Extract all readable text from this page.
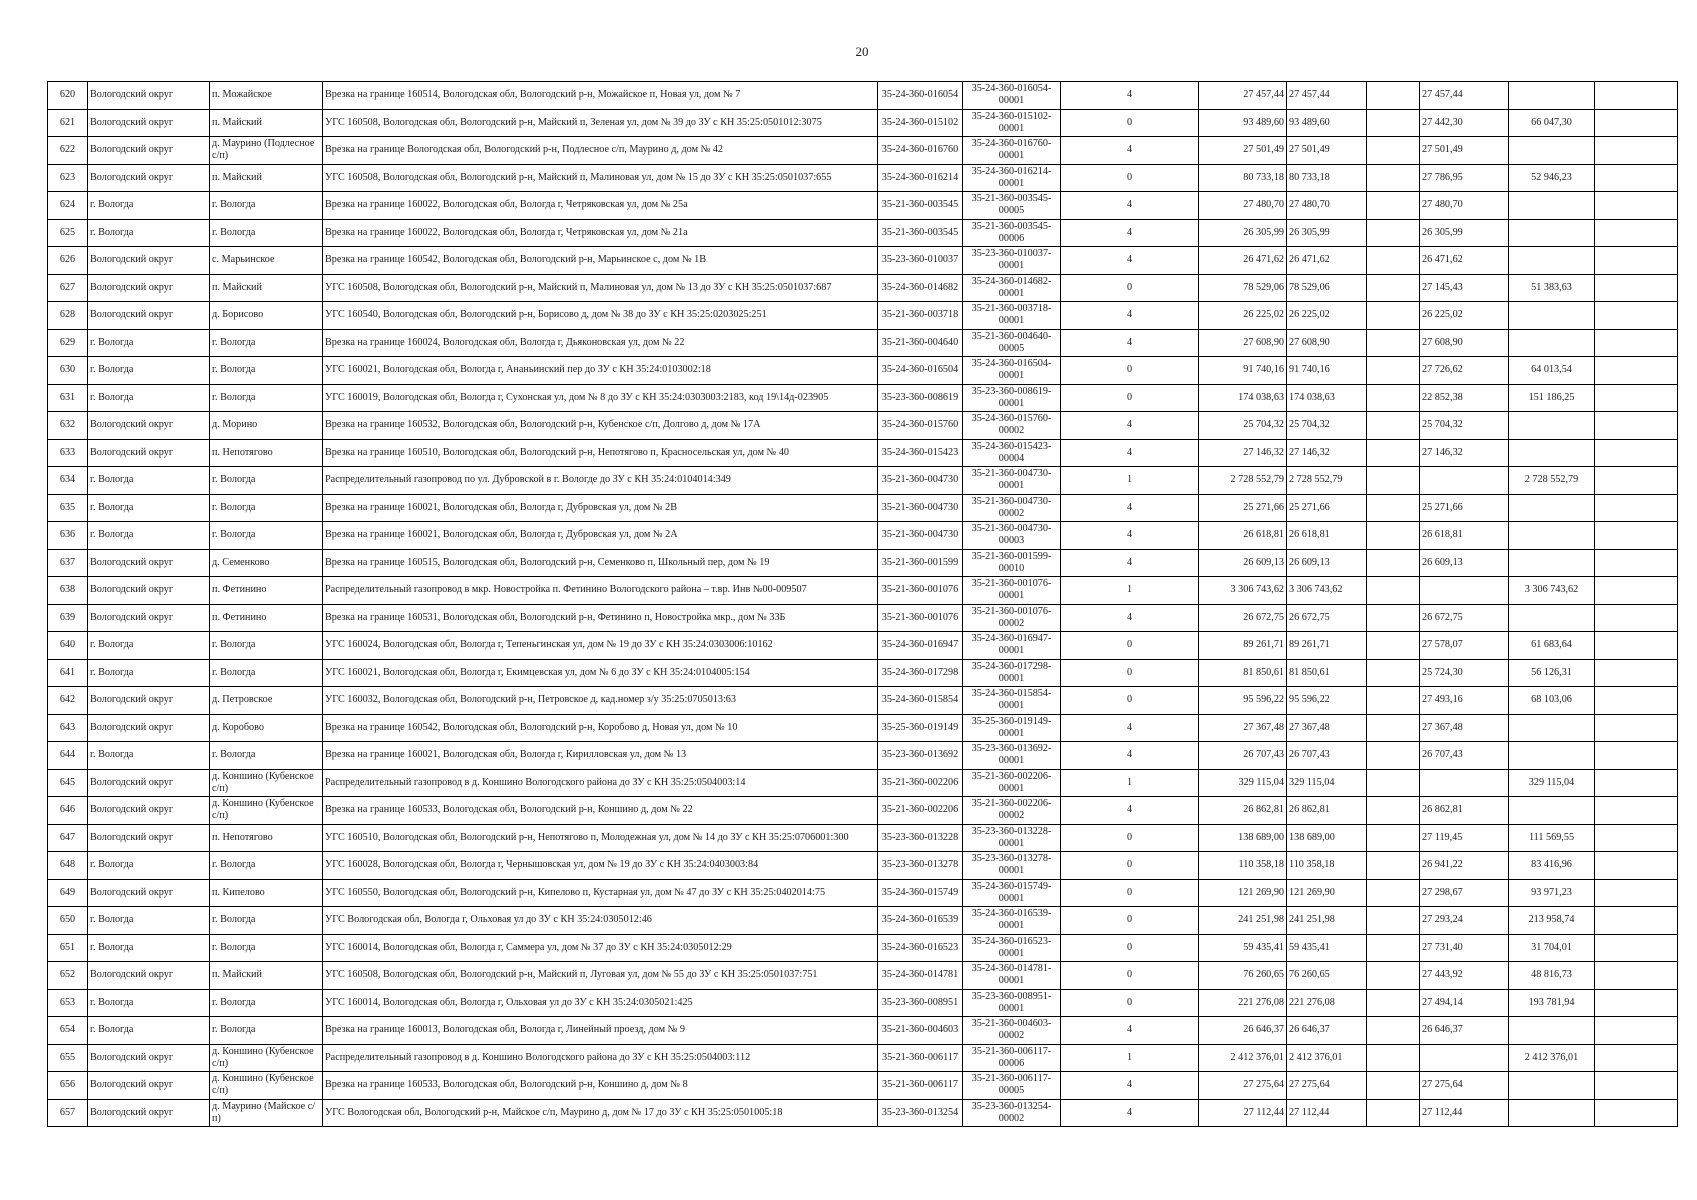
20
620	Вологодский округ	п. Можайское	Врезка на границе 160514, Вологодская обл, Вологодский р-н, Можайское п, Новая ул, дом № 7	35-24-360-016054	35-24-360-016054-00001	4	27 457,44	27 457,44		27 457,44		
621	Вологодский округ	п. Майский	УГС 160508, Вологодская обл, Вологодский р-н, Майский п, Зеленая ул, дом № 39 до ЗУ с КН 35:25:0501012:3075	35-24-360-015102	35-24-360-015102-00001	0	93 489,60	93 489,60		27 442,30	66 047,30	
622	Вологодский округ	д. Маурино (Подлесное с/п)	Врезка на границе Вологодская обл, Вологодский р-н, Подлесное с/п, Маурино д, дом № 42	35-24-360-016760	35-24-360-016760-00001	4	27 501,49	27 501,49		27 501,49		
623	Вологодский округ	п. Майский	УГС 160508, Вологодская обл, Вологодский р-н, Майский п, Малиновая ул, дом № 15 до ЗУ с КН 35:25:0501037:655	35-24-360-016214	35-24-360-016214-00001	0	80 733,18	80 733,18		27 786,95	52 946,23	
624	г. Вологда	г. Вологда	Врезка на границе 160022, Вологодская обл, Вологда г, Четряковская ул, дом № 25а	35-21-360-003545	35-21-360-003545-00005	4	27 480,70	27 480,70		27 480,70		
625	г. Вологда	г. Вологда	Врезка на границе 160022, Вологодская обл, Вологда г, Четряковская ул, дом № 21а	35-21-360-003545	35-21-360-003545-00006	4	26 305,99	26 305,99		26 305,99		
626	Вологодский округ	с. Марьинское	Врезка на границе 160542, Вологодская обл, Вологодский р-н, Марьинское с, дом № 1В	35-23-360-010037	35-23-360-010037-00001	4	26 471,62	26 471,62		26 471,62		
627	Вологодский округ	п. Майский	УГС 160508, Вологодская обл, Вологодский р-н, Майский п, Малиновая ул, дом № 13 до ЗУ с КН 35:25:0501037:687	35-24-360-014682	35-24-360-014682-00001	0	78 529,06	78 529,06		27 145,43	51 383,63	
628	Вологодский округ	д. Борисово	УГС 160540, Вологодская обл, Вологодский р-н, Борисово д, дом № 38 до ЗУ с КН 35:25:0203025:251	35-21-360-003718	35-21-360-003718-00001	4	26 225,02	26 225,02		26 225,02		
629	г. Вологда	г. Вологда	Врезка на границе 160024, Вологодская обл, Вологда г, Дьяконовская ул, дом № 22	35-21-360-004640	35-21-360-004640-00005	4	27 608,90	27 608,90		27 608,90		
630	г. Вологда	г. Вологда	УГС 160021, Вологодская обл, Вологда г, Ананьинский пер до ЗУ с КН 35:24:0103002:18	35-24-360-016504	35-24-360-016504-00001	0	91 740,16	91 740,16		27 726,62	64 013,54	
631	г. Вологда	г. Вологда	УГС 160019, Вологодская обл, Вологда г, Сухонская ул, дом № 8 до ЗУ с КН 35:24:0303003:2183, код 19\14д-023905	35-23-360-008619	35-23-360-008619-00001	0	174 038,63	174 038,63		22 852,38	151 186,25	
632	Вологодский округ	д. Морино	Врезка на границе 160532, Вологодская обл, Вологодский р-н, Кубенское с/п, Долгово д, дом № 17А	35-24-360-015760	35-24-360-015760-00002	4	25 704,32	25 704,32		25 704,32		
633	Вологодский округ	п. Непотягово	Врезка на границе 160510, Вологодская обл, Вологодский р-н, Непотягово п, Красносельская ул, дом № 40	35-24-360-015423	35-24-360-015423-00004	4	27 146,32	27 146,32		27 146,32		
634	г. Вологда	г. Вологда	Распределительный газопровод по ул. Дубровской в г. Вологде до ЗУ с КН 35:24:0104014:349	35-21-360-004730	35-21-360-004730-00001	1	2 728 552,79	2 728 552,79			2 728 552,79	
635	г. Вологда	г. Вологда	Врезка на границе 160021, Вологодская обл, Вологда г, Дубровская ул, дом № 2В	35-21-360-004730	35-21-360-004730-00002	4	25 271,66	25 271,66		25 271,66		
636	г. Вологда	г. Вологда	Врезка на границе 160021, Вологодская обл, Вологда г, Дубровская ул, дом № 2А	35-21-360-004730	35-21-360-004730-00003	4	26 618,81	26 618,81		26 618,81		
637	Вологодский округ	д. Семенково	Врезка на границе 160515, Вологодская обл, Вологодский р-н, Семенково п, Школьный пер, дом № 19	35-21-360-001599	35-21-360-001599-00010	4	26 609,13	26 609,13		26 609,13		
638	Вологодский округ	п. Фетинино	Распределительный газопровод в мкр. Новостройка п. Фетинино Вологодского района – т.вр. Инв №00-009507	35-21-360-001076	35-21-360-001076-00001	1	3 306 743,62	3 306 743,62			3 306 743,62	
639	Вологодский округ	п. Фетинино	Врезка на границе 160531, Вологодская обл, Вологодский р-н, Фетинино п, Новостройка мкр., дом № 33Б	35-21-360-001076	35-21-360-001076-00002	4	26 672,75	26 672,75		26 672,75		
640	г. Вологда	г. Вологда	УГС 160024, Вологодская обл, Вологда г, Тепеньгинская ул, дом № 19 до ЗУ с КН 35:24:0303006:10162	35-24-360-016947	35-24-360-016947-00001	0	89 261,71	89 261,71		27 578,07	61 683,64	
641	г. Вологда	г. Вологда	УГС 160021, Вологодская обл, Вологда г, Екимцевская ул, дом № 6 до ЗУ с КН 35:24:0104005:154	35-24-360-017298	35-24-360-017298-00001	0	81 850,61	81 850,61		25 724,30	56 126,31	
642	Вологодский округ	д. Петровское	УГС 160032, Вологодская обл, Вологодский р-н, Петровское д, кад.номер з/у 35:25:0705013:63	35-24-360-015854	35-24-360-015854-00001	0	95 596,22	95 596,22		27 493,16	68 103,06	
643	Вологодский округ	д. Коробово	Врезка на границе 160542, Вологодская обл, Вологодский р-н, Коробово д, Новая ул, дом № 10	35-25-360-019149	35-25-360-019149-00001	4	27 367,48	27 367,48		27 367,48		
644	г. Вологда	г. Вологда	Врезка на границе 160021, Вологодская обл, Вологда г, Кирилловская ул, дом № 13	35-23-360-013692	35-23-360-013692-00001	4	26 707,43	26 707,43		26 707,43		
645	Вологодский округ	д. Коншино (Кубенское с/п)	Распределительный газопровод в д. Коншино Вологодского района до ЗУ с КН 35:25:0504003:14	35-21-360-002206	35-21-360-002206-00001	1	329 115,04	329 115,04			329 115,04	
646	Вологодский округ	д. Коншино (Кубенское с/п)	Врезка на границе 160533, Вологодская обл, Вологодский р-н, Коншино д, дом № 22	35-21-360-002206	35-21-360-002206-00002	4	26 862,81	26 862,81		26 862,81		
647	Вологодский округ	п. Непотягово	УГС 160510, Вологодская обл, Вологодский р-н, Непотягово п, Молодежная ул, дом № 14 до ЗУ с КН 35:25:0706001:300	35-23-360-013228	35-23-360-013228-00001	0	138 689,00	138 689,00		27 119,45	111 569,55	
648	г. Вологда	г. Вологда	УГС 160028, Вологодская обл, Вологда г, Чернышовская ул, дом № 19 до ЗУ с КН 35:24:0403003:84	35-23-360-013278	35-23-360-013278-00001	0	110 358,18	110 358,18		26 941,22	83 416,96	
649	Вологодский округ	п. Кипелово	УГС 160550, Вологодская обл, Вологодский р-н, Кипелово п, Кустарная ул, дом № 47 до ЗУ с КН 35:25:0402014:75	35-24-360-015749	35-24-360-015749-00001	0	121 269,90	121 269,90		27 298,67	93 971,23	
650	г. Вологда	г. Вологда	УГС Вологодская обл, Вологда г, Ольховая ул до ЗУ с КН 35:24:0305012:46	35-24-360-016539	35-24-360-016539-00001	0	241 251,98	241 251,98		27 293,24	213 958,74	
651	г. Вологда	г. Вологда	УГС 160014, Вологодская обл, Вологда г, Саммера ул, дом № 37 до ЗУ с КН 35:24:0305012:29	35-24-360-016523	35-24-360-016523-00001	0	59 435,41	59 435,41		27 731,40	31 704,01	
652	Вологодский округ	п. Майский	УГС 160508, Вологодская обл, Вологодский р-н, Майский п, Луговая ул, дом № 55 до ЗУ с КН 35:25:0501037:751	35-24-360-014781	35-24-360-014781-00001	0	76 260,65	76 260,65		27 443,92	48 816,73	
653	г. Вологда	г. Вологда	УГС 160014, Вологодская обл, Вологда г, Ольховая ул до ЗУ с КН 35:24:0305021:425	35-23-360-008951	35-23-360-008951-00001	0	221 276,08	221 276,08		27 494,14	193 781,94	
654	г. Вологда	г. Вологда	Врезка на границе 160013, Вологодская обл, Вологда г, Линейный проезд, дом № 9	35-21-360-004603	35-21-360-004603-00002	4	26 646,37	26 646,37		26 646,37		
655	Вологодский округ	д. Коншино (Кубенское с/п)	Распределительный газопровод в д. Коншино Вологодского района до ЗУ с КН 35:25:0504003:112	35-21-360-006117	35-21-360-006117-00006	1	2 412 376,01	2 412 376,01			2 412 376,01	
656	Вологодский округ	д. Коншино (Кубенское с/п)	Врезка на границе 160533, Вологодская обл, Вологодский р-н, Коншино д, дом № 8	35-21-360-006117	35-21-360-006117-00005	4	27 275,64	27 275,64		27 275,64		
657	Вологодский округ	д. Маурино (Майское с/п)	УГС Вологодская обл, Вологодский р-н, Майское с/п, Маурино д, дом № 17 до ЗУ с КН 35:25:0501005:18	35-23-360-013254	35-23-360-013254-00002	4	27 112,44	27 112,44		27 112,44		
